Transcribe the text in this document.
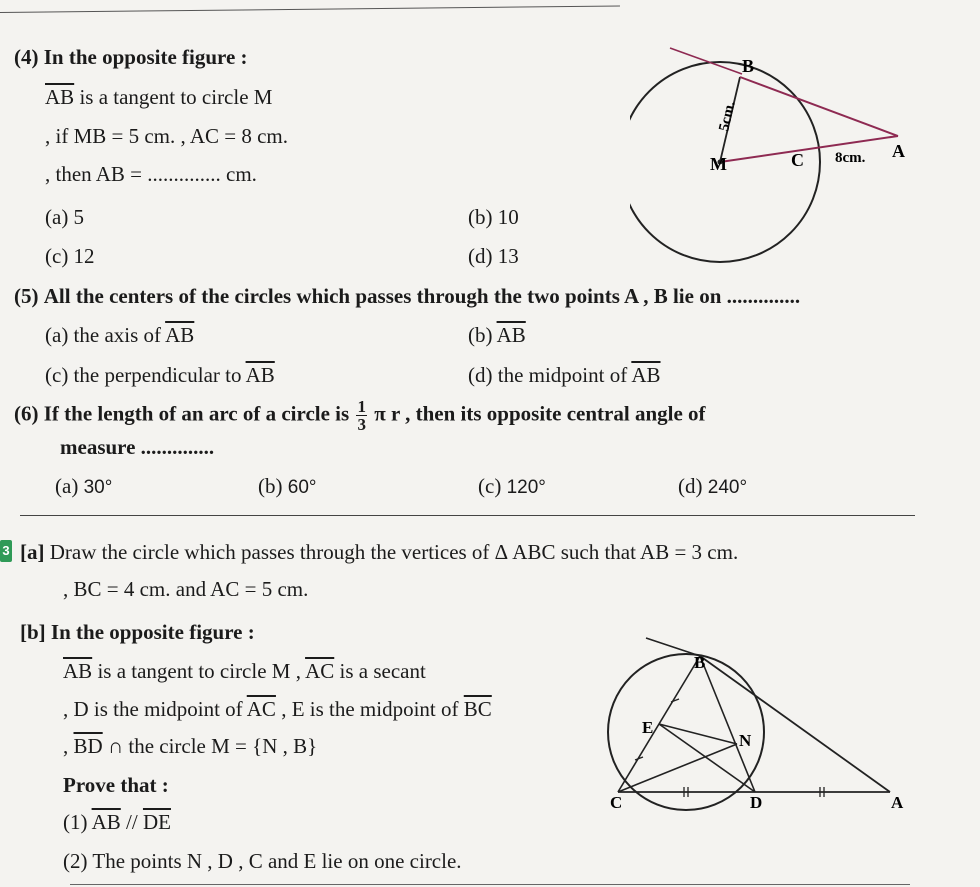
(4) In the opposite figure :
$\overline{AB}$ is a tangent to circle M
, if MB = 5 cm. , AC = 8 cm.
, then AB = .............. cm.
(a) 5	(b) 10
(c) 12	(d) 13
B
M	C	A
5cm.
8cm.
(5) All the centers of the circles which passes through the two points A , B lie on ..............
(a) the axis of $\overline{AB}$	(b) $\overline{AB}$
(c) the perpendicular to $\overline{AB}$	(d) the midpoint of $\overline{AB}$
(6) If the length of an arc of a circle is $\frac{1}{3}$ π r , then its opposite central angle of
measure ..............
(a) 30°	(b) 60°	(c) 120°	(d) 240°
3 [a] Draw the circle which passes through the vertices of Δ ABC such that AB = 3 cm.
, BC = 4 cm. and AC = 5 cm.
[b] In the opposite figure :
$\overline{AB}$ is a tangent to circle M , $\overline{AC}$ is a secant
, D is the midpoint of $\overline{AC}$ , E is the midpoint of $\overline{BC}$
, $\overline{BD}$ ∩ the circle M = {N , B}
Prove that :
(1) $\overline{AB} // \overline{DE}$
(2) The points N , D , C and E lie on one circle.
B
E
N
C	D	A
